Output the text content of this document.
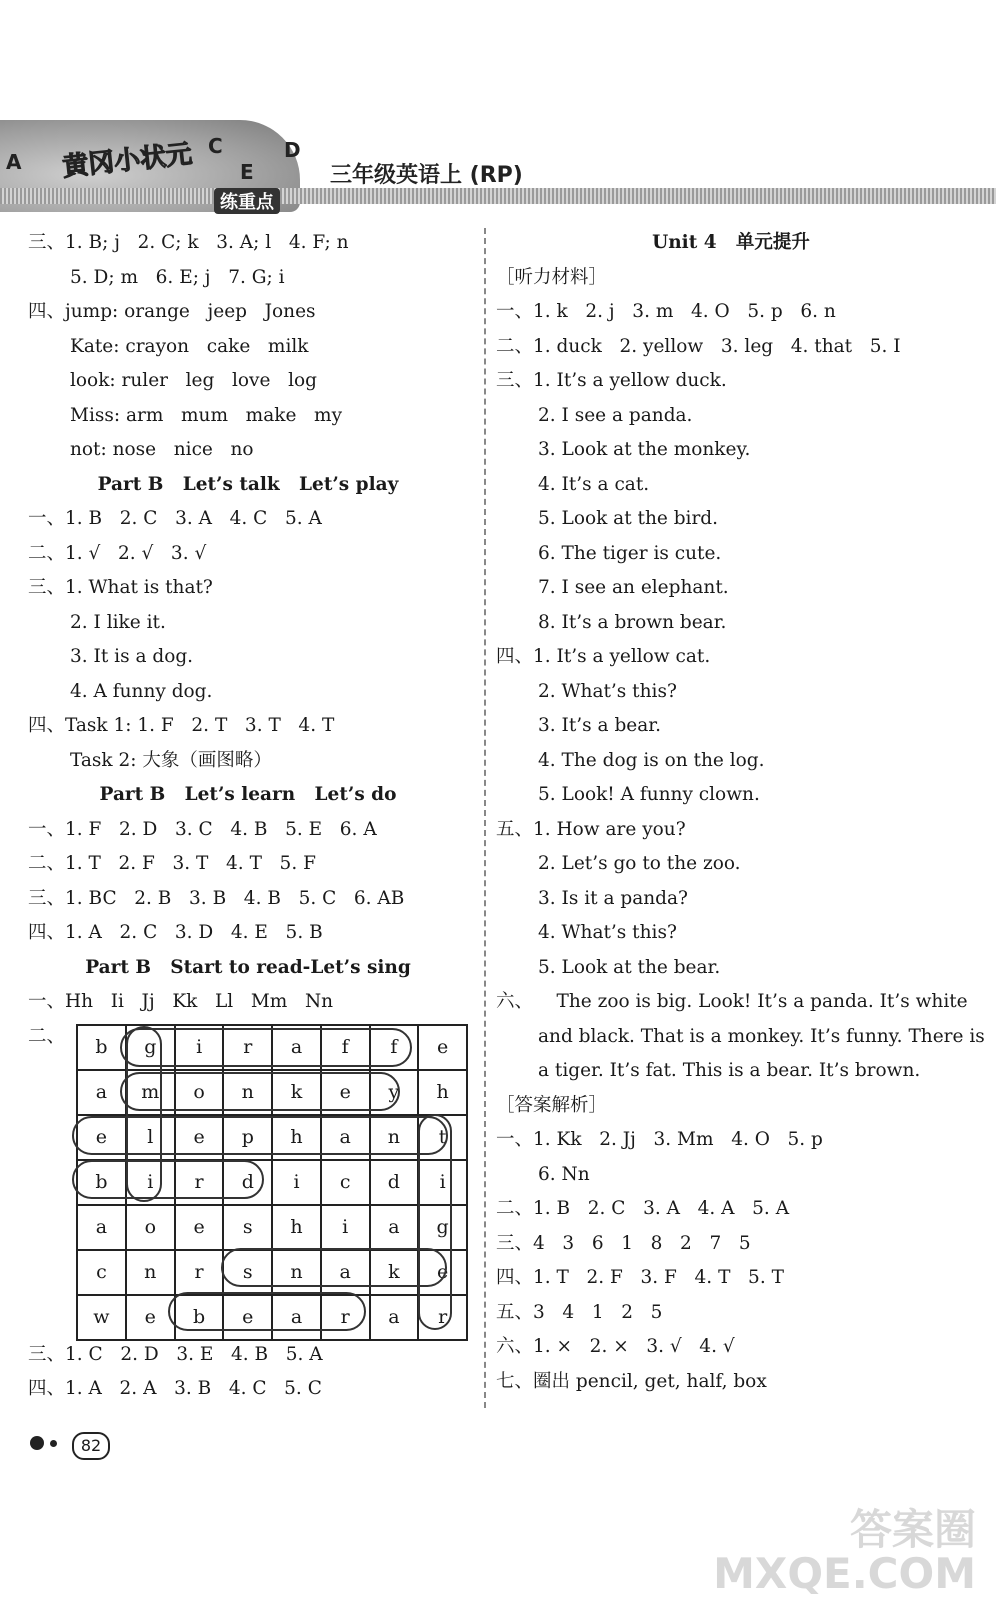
黄冈小状元
A
C
E
D
练重点
三年级英语上 (RP)
三、1. B; j   2. C; k   3. A; l   4. F; n
5. D; m   6. E; j   7. G; i
四、jump: orange   jeep   Jones
Kate: crayon   cake   milk
look: ruler   leg   love   log
Miss: arm   mum   make   my
not: nose   nice   no
Part B   Let’s talk   Let’s play
一、1. B   2. C   3. A   4. C   5. A
二、1. √   2. √   3. √
三、1. What is that?
2. I like it.
3. It is a dog.
4. A funny dog.
四、Task 1: 1. F   2. T   3. T   4. T
Task 2: 大象（画图略）
Part B   Let’s learn   Let’s do
一、1. F   2. D   3. C   4. B   5. E   6. A
二、1. T   2. F   3. T   4. T   5. F
三、1. BC   2. B   3. B   4. B   5. C   6. AB
四、1. A   2. C   3. D   4. E   5. B
Part B   Start to read-Let’s sing
一、Hh   Ii   Jj   Kk   Ll   Mm   Nn
二、 b	g	i	r	a	f	f	e
a	m	o	n	k	e	y	h
e	l	e	p	h	a	n	t
b	i	r	d	i	c	d	i
a	o	e	s	h	i	a	g
c	n	r	s	n	a	k	e
w	e	b	e	a	r	a	r
三、1. C   2. D   3. E   4. B   5. A
四、1. A   2. A   3. B   4. C   5. C
Unit 4   单元提升
［听力材料］
一、1. k   2. j   3. m   4. O   5. p   6. n
二、1. duck   2. yellow   3. leg   4. that   5. I
三、1. It’s a yellow duck.
2. I see a panda.
3. Look at the monkey.
4. It’s a cat.
5. Look at the bird.
6. The tiger is cute.
7. I see an elephant.
8. It’s a brown bear.
四、1. It’s a yellow cat.
2. What’s this?
3. It’s a bear.
4. The dog is on the log.
5. Look! A funny clown.
五、1. How are you?
2. Let’s go to the zoo.
3. Is it a panda?
4. What’s this?
5. Look at the bear.
六、    The zoo is big. Look! It’s a panda. It’s white
and black. That is a monkey. It’s funny. There is
a tiger. It’s fat. This is a bear. It’s brown.
［答案解析］
一、1. Kk   2. Jj   3. Mm   4. O   5. p
6. Nn
二、1. B   2. C   3. A   4. A   5. A
三、4   3   6   1   8   2   7   5
四、1. T   2. F   3. F   4. T   5. T
五、3   4   1   2   5
六、1. ×   2. ×   3. √   4. √
七、圈出 pencil, get, half, box
82
答案圈
MXQE.COM
